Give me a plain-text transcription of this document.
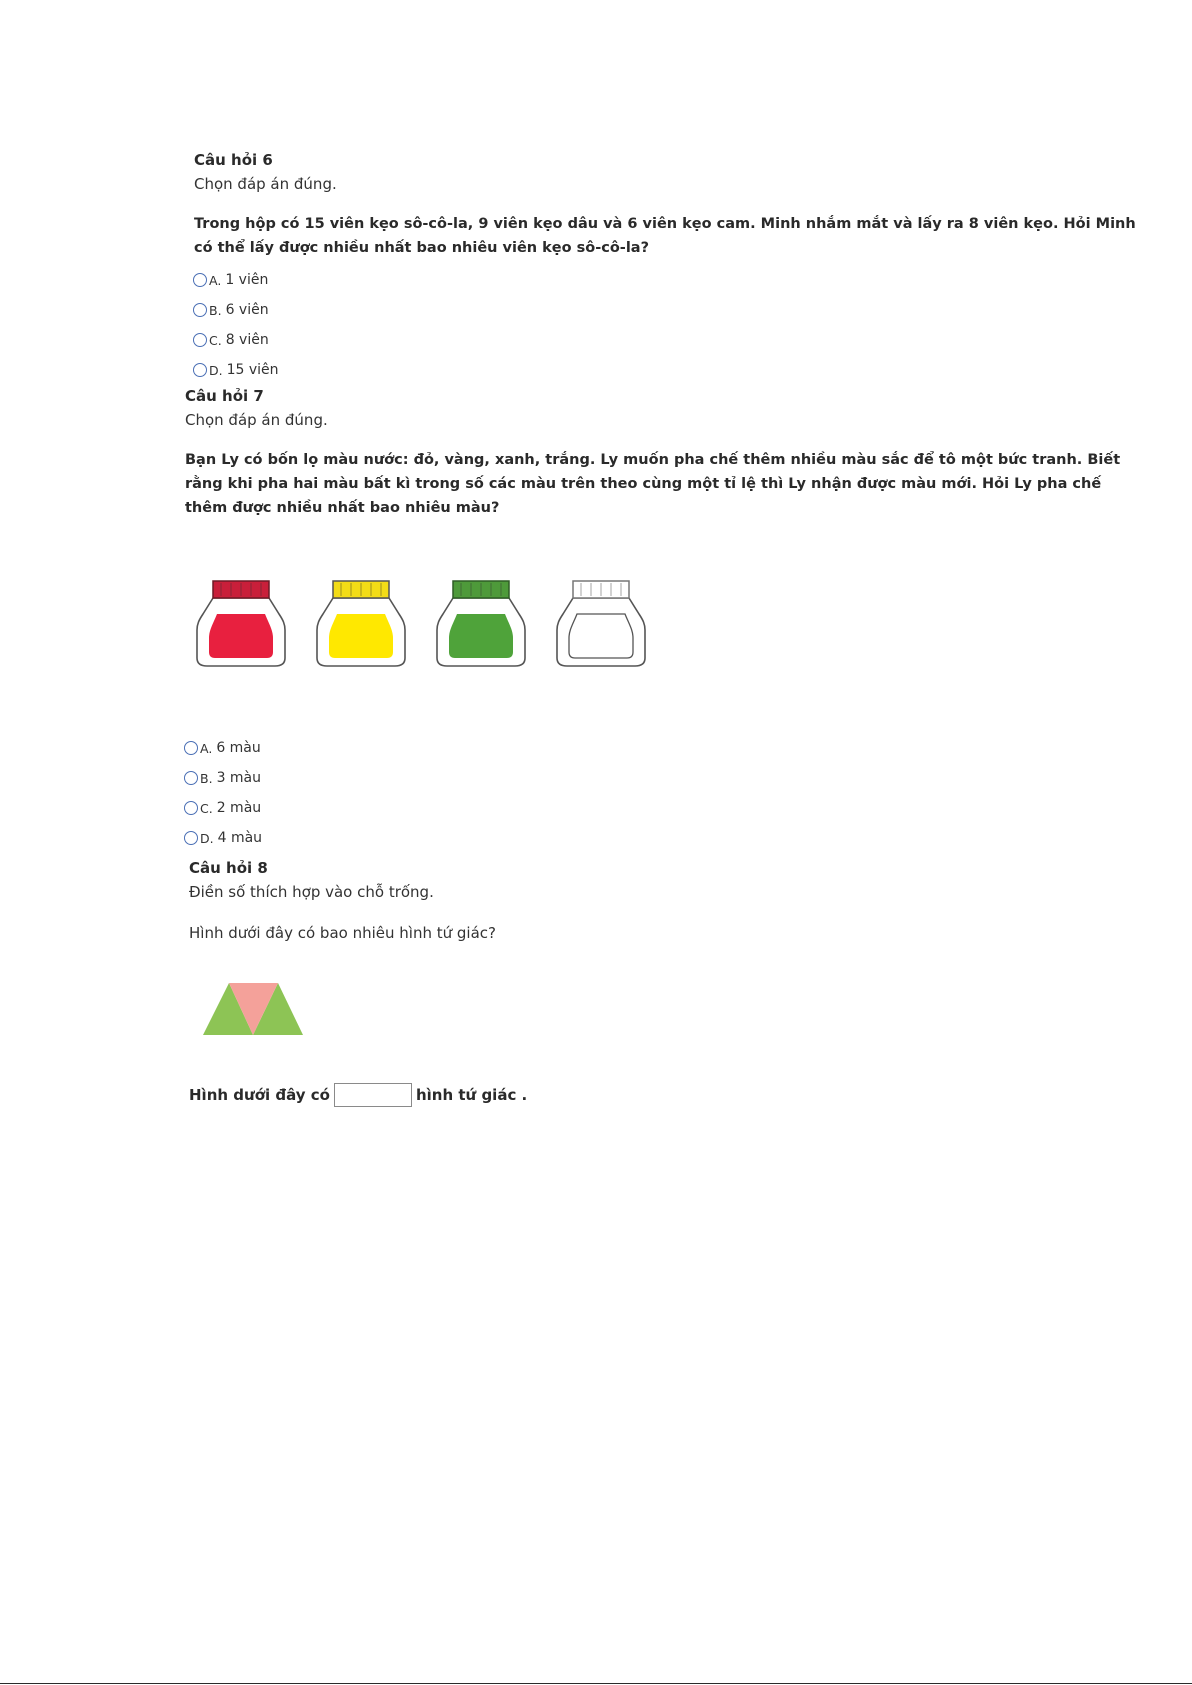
Câu hỏi 6
Chọn đáp án đúng.
Trong hộp có 15 viên kẹo sô-cô-la, 9 viên kẹo dâu và 6 viên kẹo cam. Minh nhắm mắt và lấy ra 8 viên kẹo. Hỏi Minh
có thể lấy được nhiều nhất bao nhiêu viên kẹo sô-cô-la?
A. 1 viên
B. 6 viên
C. 8 viên
D. 15 viên
Câu hỏi 7
Chọn đáp án đúng.
Bạn Ly có bốn lọ màu nước: đỏ, vàng, xanh, trắng. Ly muốn pha chế thêm nhiều màu sắc để tô một bức tranh. Biết
rằng khi pha hai màu bất kì trong số các màu trên theo cùng một tỉ lệ thì Ly nhận được màu mới. Hỏi Ly pha chế
thêm được nhiều nhất bao nhiêu màu?
A. 6 màu
B. 3 màu
C. 2 màu
D. 4 màu
Câu hỏi 8
Điền số thích hợp vào chỗ trống.
Hình dưới đây có bao nhiêu hình tứ giác?
Hình dưới đây có	hình tứ giác .
